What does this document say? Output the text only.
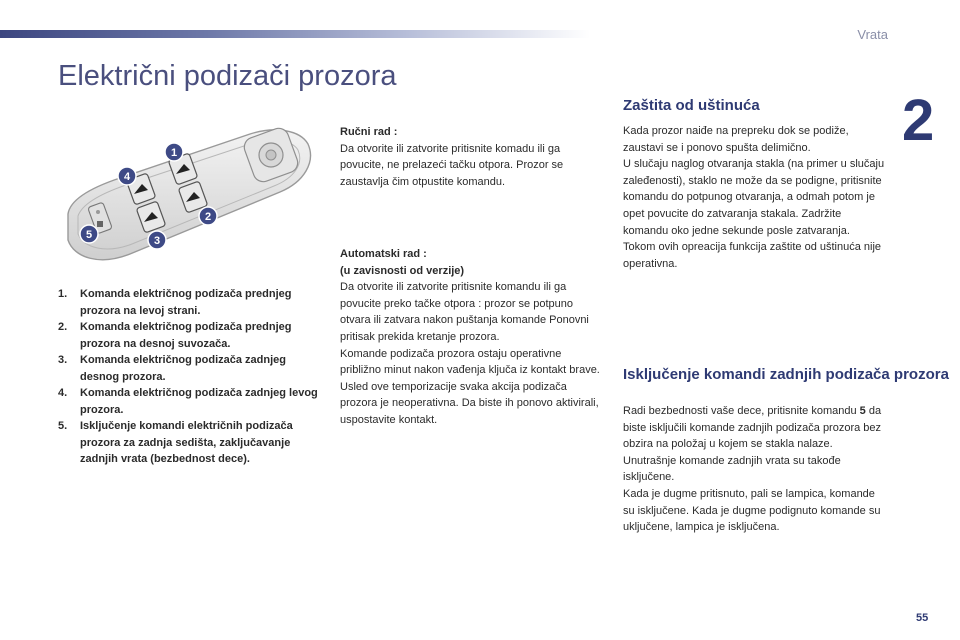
Vrata
2
Električni podizači prozora
1
2
3
4
5
1.	Komanda električnog podizača prednjeg prozora na levoj strani.
2.	Komanda električnog podizača prednjeg prozora na desnoj suvozača.
3.	Komanda električnog podizača zadnjeg desnog prozora.
4.	Komanda električnog podizača zadnjeg levog prozora.
5.	Isključenje komandi električnih podizača prozora za zadnja sedišta, zaključavanje zadnjih vrata (bezbednost dece).

Ručni rad :

Da otvorite ili zatvorite pritisnite komadu ili ga povucite, ne prelazeći tačku otpora. Prozor se zaustavlja čim otpustite komandu.

Automatski rad :

(u zavisnosti od verzije)

Da otvorite ili zatvorite pritisnite komandu ili ga povucite preko tačke otpora : prozor se potpuno otvara ili zatvara nakon puštanja komande Ponovni pritisak prekida kretanje prozora.

Komande podizača prozora ostaju operativne približno minut nakon vađenja ključa iz kontakt brave.

Usled ove temporizacije svaka akcija podizača prozora je neoperativna. Da biste ih ponovo aktivirali, uspostavite kontakt.

Zaštita od uštinuća

Kada prozor naiđe na prepreku dok se podiže, zaustavi se i ponovo spušta delimično.

U slučaju naglog otvaranja stakla (na primer u slučaju zaleđenosti), staklo ne može da se podigne, pritisnite komandu do potpunog otvaranja, a odmah potom je opet povucite do zatvaranja stakala. Zadržite komandu oko jedne sekunde posle zatvaranja.

Tokom ovih opreacija funkcija zaštite od uštinuća nije operativna.

Isključenje komandi zadnjih podizača prozora

Radi bezbednosti vaše dece, pritisnite komandu 5 da biste isključili komande zadnjih podizača prozora bez obzira na položaj u kojem se stakla nalaze.

Unutrašnje komande zadnjih vrata su takođe isključene.

Kada je dugme pritisnuto, pali se lampica, komande su isključene. Kada je dugme podignuto komande su uključene, lampica je isključena.

55
